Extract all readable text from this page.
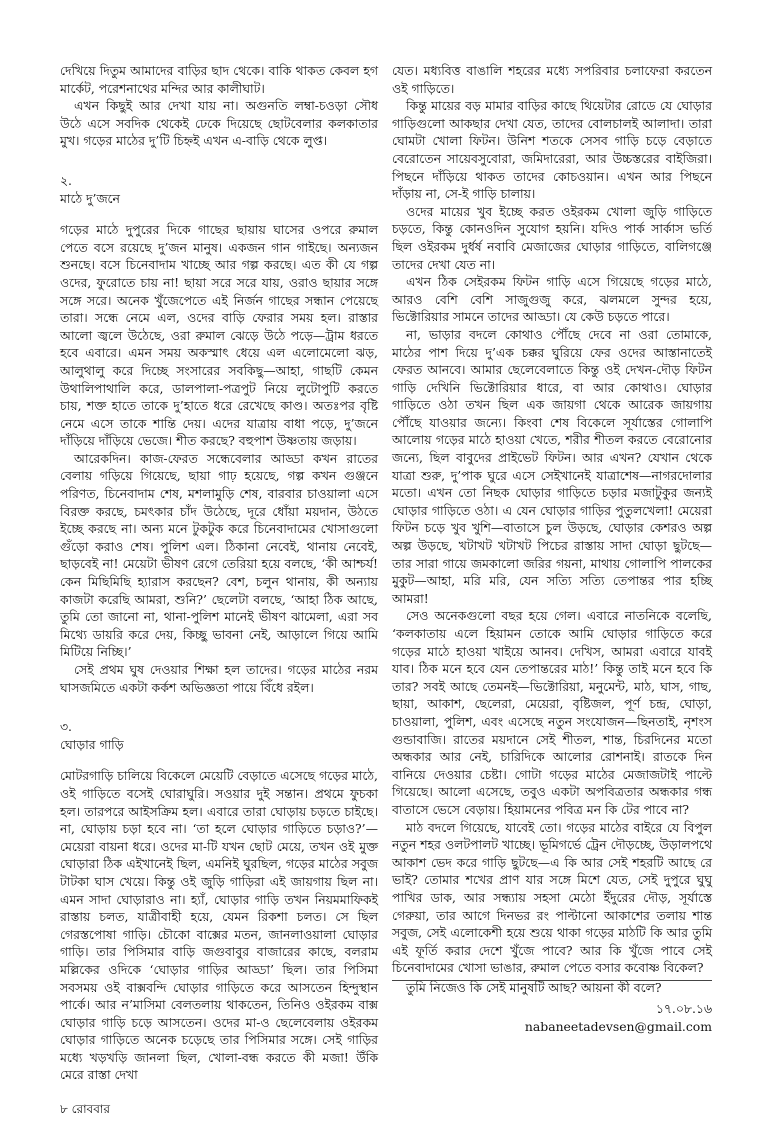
দেখিয়ে দিতুম আমাদের বাড়ির ছাদ থেকে। বাকি থাকত কেবল হগ মার্কেট, পরেশনাথের মন্দির আর কালীঘাট।

এখন কিছুই আর দেখা যায় না। অগুনতি লম্বা-চওড়া সৌধ উঠে এসে সবদিক থেকেই ঢেকে দিয়েছে ছোটবেলার কলকাতার মুখ। গড়ের মাঠের দু’টি চিহ্নই এখন এ-বাড়ি থেকে লুপ্ত।

২.

মাঠে দু’জনে

গড়ের মাঠে দুপুরের দিকে গাছের ছায়ায় ঘাসের ওপরে রুমাল পেতে বসে রয়েছে দু’জন মানুষ। একজন গান গাইছে। অন্যজন শুনছে। বসে চিনেবাদাম খাচ্ছে আর গল্প করছে। এত কী যে গল্প ওদের, ফুরোতে চায় না! ছায়া সরে সরে যায়, ওরাও ছায়ার সঙ্গে সঙ্গে সরে। অনেক খুঁজেপেতে এই নির্জন গাছের সন্ধান পেয়েছে তারা। সন্ধে নেমে এল, ওদের বাড়ি ফেরার সময় হল। রাস্তার আলো জ্বলে উঠেছে, ওরা রুমাল ঝেড়ে উঠে পড়ে—ট্রাম ধরতে হবে এবারে। এমন সময় অকস্মাৎ ধেয়ে এল এলোমেলো ঝড়, আলুথালু করে দিচ্ছে সংসারের সবকিছু—আহা, গাছটি কেমন উথালিপাথালি করে, ডালপালা-পত্রপুট নিয়ে লুটোপুটি করতে চায়, শক্ত হাতে তাকে দু’হাতে ধরে রেখেছে কাণ্ড। অতঃপর বৃষ্টি নেমে এসে তাকে শান্তি দেয়। এদের যাত্রায় বাধা পড়ে, দু’জনে দাঁড়িয়ে দাঁড়িয়ে ভেজে। শীত করছে? বহুপাশ উষ্ণতায় জড়ায়।

আরেকদিন। কাজ-ফেরত সন্ধেবেলার আড্ডা কখন রাতের বেলায় গড়িয়ে গিয়েছে, ছায়া গাঢ় হয়েছে, গল্প কখন গুঞ্জনে পরিণত, চিনেবাদাম শেষ, মশলামুড়ি শেষ, বারবার চাওয়ালা এসে বিরক্ত করছে, চমৎকার চাঁদ উঠেছে, দূরে ধোঁয়া ময়দান, উঠতে ইচ্ছে করছে না। অন্য মনে টুকটুক করে চিনেবাদামের খোসাগুলো গুঁড়ো করাও শেষ। পুলিশ এল। ঠিকানা নেবেই, থানায় নেবেই, ছাড়বেই না! মেয়েটা ভীষণ রেগে তেরিয়া হয়ে বলছে, ‘কী আশ্চর্য! কেন মিছিমিছি হ্যারাস করছেন? বেশ, চলুন থানায়, কী অন্যায় কাজটা করেছি আমরা, শুনি?’ ছেলেটা বলছে, ‘আহা ঠিক আছে, তুমি তো জানো না, থানা-পুলিশ মানেই ভীষণ ঝামেলা, এরা সব মিথ্যে ডায়রি করে দেয়, কিচ্ছু ভাবনা নেই, আড়ালে গিয়ে আমি মিটিয়ে নিচ্ছি।’

সেই প্রথম ঘুষ দেওয়ার শিক্ষা হল তাদের। গড়ের মাঠের নরম ঘাসজমিতে একটা কর্কশ অভিজ্ঞতা পায়ে বিঁধে রইল।

৩.

ঘোড়ার গাড়ি

মোটরগাড়ি চালিয়ে বিকেলে মেয়েটি বেড়াতে এসেছে গড়ের মাঠে, ওই গাড়িতে বসেই ঘোরাঘুরি। সওয়ার দুই সন্তান। প্রথমে ফুচকা হল। তারপরে আইসক্রিম হল। এবারে তারা ঘোড়ায় চড়তে চাইছে। না, ঘোড়ায় চড়া হবে না। ‘তা হলে ঘোড়ার গাড়িতে চড়াও?’—মেয়েরা বায়না ধরে। ওদের মা-টি যখন ছোট মেয়ে, তখন ওই মুক্ত ঘোড়ারা ঠিক এইখানেই ছিল, এমনিই ঘুরছিল, গড়ের মাঠের সবুজ টাটকা ঘাস খেয়ে। কিন্তু ওই জুড়ি গাড়িরা এই জায়গায় ছিল না। এমন সাদা ঘোড়ারাও না। হ্যাঁ, ঘোড়ার গাড়ি তখন নিয়মমাফিকই রাস্তায় চলত, যাত্রীবাহী হয়ে, যেমন রিকশা চলত। সে ছিল গেরস্তপোষা গাড়ি। চৌকো বাক্সের মতন, জানলাওয়ালা ঘোড়ার গাড়ি। তার পিসিমার বাড়ি জগুবাবুর বাজারের কাছে, বলরাম মল্লিকের ওদিকে ‘ঘোড়ার গাড়ির আড্ডা’ ছিল। তার পিসিমা সবসময় ওই বাক্সবন্দি ঘোড়ার গাড়িতে করে আসতেন হিন্দুস্থান পার্কে। আর ন’মাসিমা বেলতলায় থাকতেন, তিনিও ওইরকম বাক্স ঘোড়ার গাড়ি চড়ে আসতেন। ওদের মা-ও ছেলেবেলায় ওইরকম ঘোড়ার গাড়িতে অনেক চড়েছে তার পিসিমার সঙ্গে। সেই গাড়ির মধ্যে খড়খড়ি জানলা ছিল, খোলা-বন্ধ করতে কী মজা! উঁকি মেরে রাস্তা দেখা

যেত। মধ্যবিত্ত বাঙালি শহরের মধ্যে সপরিবার চলাফেরা করতেন ওই গাড়িতে।

কিন্তু মায়ের বড় মামার বাড়ির কাছে থিয়েটার রোডে যে ঘোড়ার গাড়িগুলো আকছার দেখা যেত, তাদের বোলচালই আলাদা। তারা ঘোমটা খোলা ফিটন। উনিশ শতকে সেসব গাড়ি চড়ে বেড়াতে বেরোতেন সায়েবসুবোরা, জমিদারেরা, আর উচ্চস্তরের বাইজিরা। পিছনে দাঁড়িয়ে থাকত তাদের কোচওয়ান। এখন আর পিছনে দাঁড়ায় না, সে-ই গাড়ি চালায়।

ওদের মায়ের খুব ইচ্ছে করত ওইরকম খোলা জুড়ি গাড়িতে চড়তে, কিন্তু কোনওদিন সুযোগ হয়নি। যদিও পার্ক সার্কাস ভর্তি ছিল ওইরকম দুর্ধর্ষ নবাবি মেজাজের ঘোড়ার গাড়িতে, বালিগঞ্জে তাদের দেখা যেত না।

এখন ঠিক সেইরকম ফিটন গাড়ি এসে গিয়েছে গড়ের মাঠে, আরও বেশি বেশি সাজুগুজু করে, ঝলমলে সুন্দর হয়ে, ভিক্টোরিয়ার সামনে তাদের আড্ডা। যে কেউ চড়তে পারে।

না, ভাড়ার বদলে কোথাও পৌঁছে দেবে না ওরা তোমাকে, মাঠের পাশ দিয়ে দু’এক চক্কর ঘুরিয়ে ফের ওদের আস্তানাতেই ফেরত আনবে। আমার ছেলেবেলাতে কিন্তু ওই দেখন-দৌড় ফিটন গাড়ি দেখিনি ভিক্টোরিয়ার ধারে, বা আর কোথাও। ঘোড়ার গাড়িতে ওঠা তখন ছিল এক জায়গা থেকে আরেক জায়গায় পৌঁছে যাওয়ার জন্যে। কিংবা শেষ বিকেলে সূর্যাস্তের গোলাপি আলোয় গড়ের মাঠে হাওয়া খেতে, শরীর শীতল করতে বেরোনোর জন্যে, ছিল বাবুদের প্রাইভেট ফিটন। আর এখন? যেখান থেকে যাত্রা শুরু, দু’পাক ঘুরে এসে সেইখানেই যাত্রাশেষ—নাগরদোলার মতো। এখন তো নিছক ঘোড়ার গাড়িতে চড়ার মজাটুকুর জন্যই ঘোড়ার গাড়িতে ওঠা। এ যেন ঘোড়ার গাড়ির পুতুলখেলা! মেয়েরা ফিটন চড়ে খুব খুশি—বাতাসে চুল উড়ছে, ঘোড়ার কেশরও অল্প অল্প উড়ছে, খটাখট খটাখট পিচের রাস্তায় সাদা ঘোড়া ছুটছে—তার সারা গায়ে জমকালো জরির গয়না, মাথায় গোলাপি পালকের মুকুট—আহা, মরি মরি, যেন সত্যি সত্যি তেপান্তর পার হচ্ছি আমরা!

সেও অনেকগুলো বছর হয়ে গেল। এবারে নাতনিকে বলেছি, ‘কলকাতায় এলে হিয়ামন তোকে আমি ঘোড়ার গাড়িতে করে গড়ের মাঠে হাওয়া খাইয়ে আনব। দেখিস, আমরা এবারে যাবই যাব। ঠিক মনে হবে যেন তেপান্তরের মাঠ!’ কিন্তু তাই মনে হবে কি তার? সবই আছে তেমনই—ভিক্টোরিয়া, মনুমেন্ট, মাঠ, ঘাস, গাছ, ছায়া, আকাশ, ছেলেরা, মেয়েরা, বৃষ্টিজল, পূর্ণ চন্দ্র, ঘোড়া, চাওয়ালা, পুলিশ, এবং এসেছে নতুন সংযোজন—ছিনতাই, নৃশংস গুন্ডাবাজি। রাতের ময়দানে সেই শীতল, শান্ত, চিরদিনের মতো অন্ধকার আর নেই, চারিদিকে আলোর রোশনাই। রাতকে দিন বানিয়ে দেওয়ার চেষ্টা। গোটা গড়ের মাঠের মেজাজটাই পাল্টে গিয়েছে। আলো এসেছে, তবুও একটা অপবিত্রতার অন্ধকার গন্ধ বাতাসে ভেসে বেড়ায়। হিয়ামনের পবিত্র মন কি টের পাবে না?

মাঠ বদলে গিয়েছে, যাবেই তো। গড়ের মাঠের বাইরে যে বিপুল নতুন শহর ওলটপালট খাচ্ছে। ভূমিগর্ভে ট্রেন দৌড়চ্ছে, উড়ালপথে আকাশ ভেদ করে গাড়ি ছুটছে—এ কি আর সেই শহরটি আছে রে ভাই? তোমার শখের প্রাণ যার সঙ্গে মিশে যেত, সেই দুপুরে ঘুঘু পাখির ডাক, আর সন্ধ্যায় সহসা মেঠো ইঁদুরের দৌড়, সূর্যাস্তে গেরুয়া, তার আগে দিনভর রং পাল্টানো আকাশের তলায় শান্ত সবুজ, সেই এলোকেশী হয়ে শুয়ে থাকা গড়ের মাঠটি কি আর তুমি এই ফূর্তি করার দেশে খুঁজে পাবে? আর কি খুঁজে পাবে সেই চিনেবাদামের খোসা ভাঙার, রুমাল পেতে বসার কবোষ্ণ বিকেল?

তুমি নিজেও কি সেই মানুষটি আছ? আয়না কী বলে?

১৭.০৮.১৬

nabaneetadevsen@gmail.com

৮ রোববার
